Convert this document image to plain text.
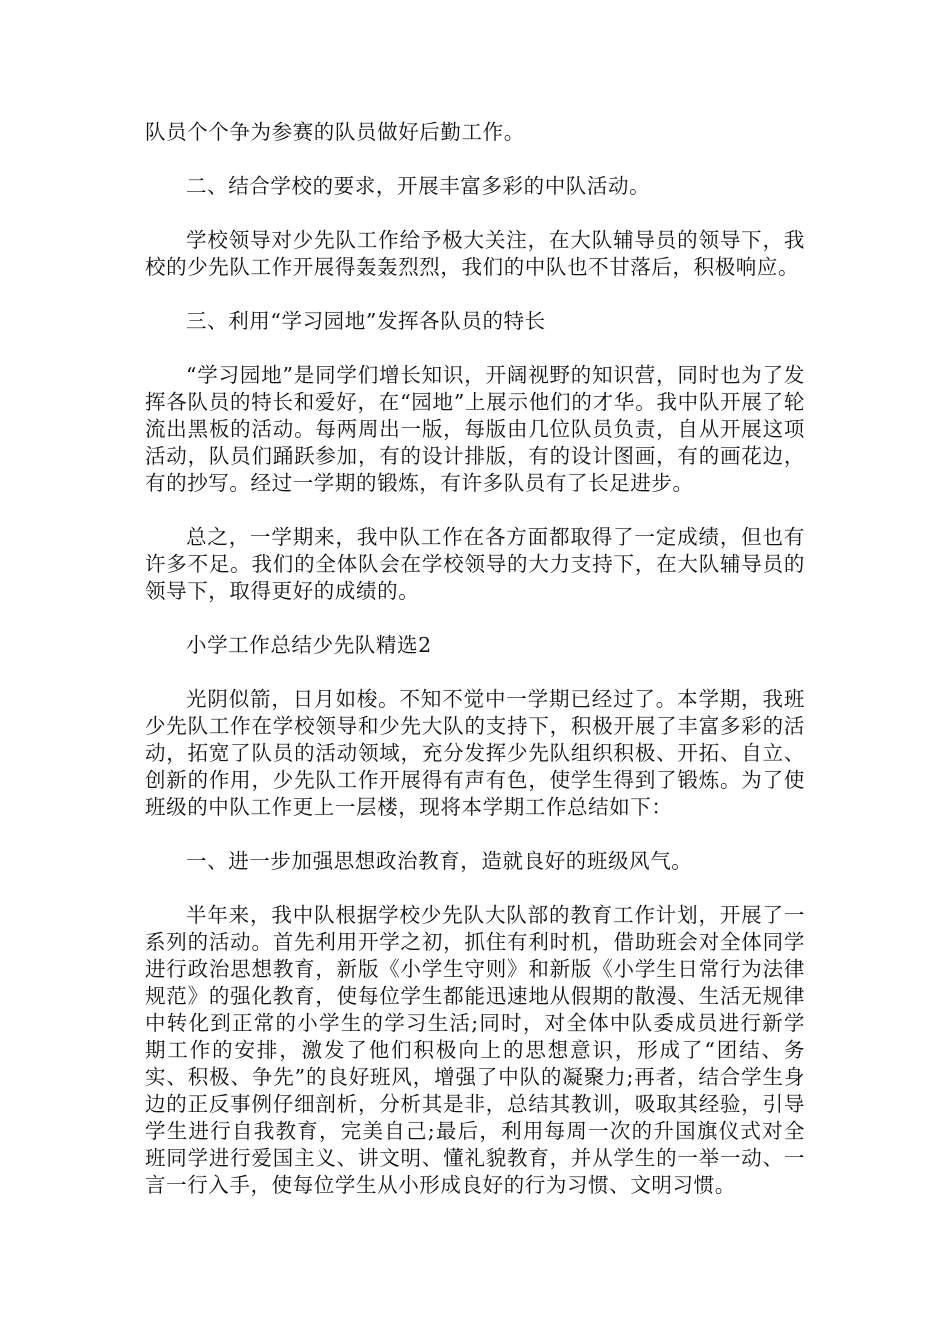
队员个个争为参赛的队员做好后勤工作。

二、结合学校的要求，开展丰富多彩的中队活动。

学校领导对少先队工作给予极大关注，在大队辅导员的领导下，我校的少先队工作开展得轰轰烈烈，我们的中队也不甘落后，积极响应。

三、利用“学习园地”发挥各队员的特长

“学习园地”是同学们增长知识，开阔视野的知识营，同时也为了发挥各队员的特长和爱好，在“园地”上展示他们的才华。我中队开展了轮流出黑板的活动。每两周出一版，每版由几位队员负责，自从开展这项活动，队员们踊跃参加，有的设计排版，有的设计图画，有的画花边，有的抄写。经过一学期的锻炼，有许多队员有了长足进步。

总之，一学期来，我中队工作在各方面都取得了一定成绩，但也有许多不足。我们的全体队会在学校领导的大力支持下，在大队辅导员的领导下，取得更好的成绩的。

小学工作总结少先队精选2

光阴似箭，日月如梭。不知不觉中一学期已经过了。本学期，我班少先队工作在学校领导和少先大队的支持下，积极开展了丰富多彩的活动，拓宽了队员的活动领域，充分发挥少先队组织积极、开拓、自立、创新的作用，少先队工作开展得有声有色，使学生得到了锻炼。为了使班级的中队工作更上一层楼，现将本学期工作总结如下：

一、进一步加强思想政治教育，造就良好的班级风气。

半年来，我中队根据学校少先队大队部的教育工作计划，开展了一系列的活动。首先利用开学之初，抓住有利时机，借助班会对全体同学进行政治思想教育，新版《小学生守则》和新版《小学生日常行为法律规范》的强化教育，使每位学生都能迅速地从假期的散漫、生活无规律中转化到正常的小学生的学习生活;同时，对全体中队委成员进行新学期工作的安排，激发了他们积极向上的思想意识，形成了“团结、务实、积极、争先”的良好班风，增强了中队的凝聚力;再者，结合学生身边的正反事例仔细剖析，分析其是非，总结其教训，吸取其经验，引导学生进行自我教育，完美自己;最后，利用每周一次的升国旗仪式对全班同学进行爱国主义、讲文明、懂礼貌教育，并从学生的一举一动、一言一行入手，使每位学生从小形成良好的行为习惯、文明习惯。
